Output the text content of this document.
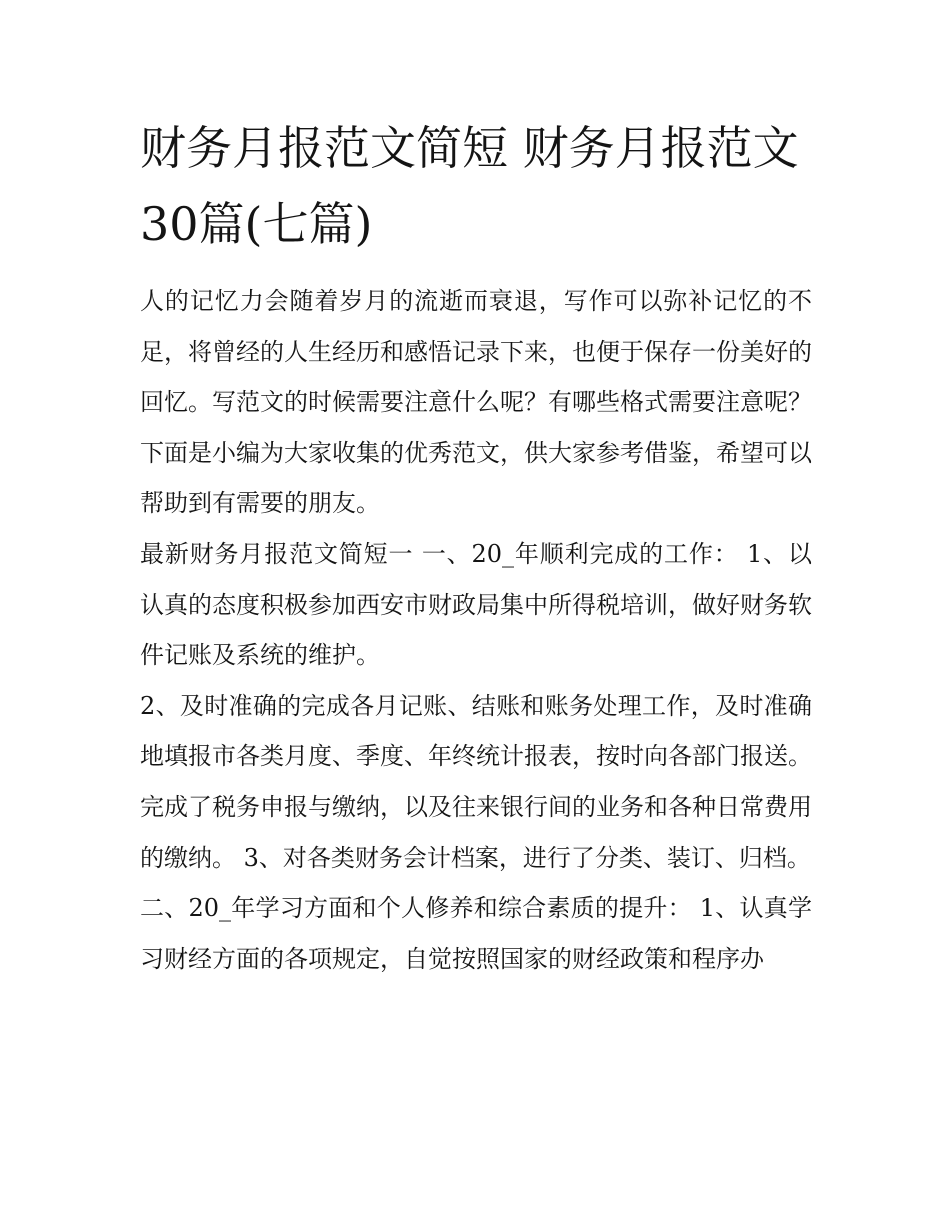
财务月报范文简短 财务月报范文30篇(七篇)

人的记忆力会随着岁月的流逝而衰退，写作可以弥补记忆的不足，将曾经的人生经历和感悟记录下来，也便于保存一份美好的回忆。写范文的时候需要注意什么呢？有哪些格式需要注意呢？下面是小编为大家收集的优秀范文，供大家参考借鉴，希望可以帮助到有需要的朋友。

最新财务月报范文简短一 一、20_年顺利完成的工作： 1、以认真的态度积极参加西安市财政局集中所得税培训，做好财务软件记账及系统的维护。

2、及时准确的完成各月记账、结账和账务处理工作，及时准确地填报市各类月度、季度、年终统计报表，按时向各部门报送。

完成了税务申报与缴纳，以及往来银行间的业务和各种日常费用的缴纳。 3、对各类财务会计档案，进行了分类、装订、归档。

二、20_年学习方面和个人修养和综合素质的提升： 1、认真学习财经方面的各项规定，自觉按照国家的财经政策和程序办
